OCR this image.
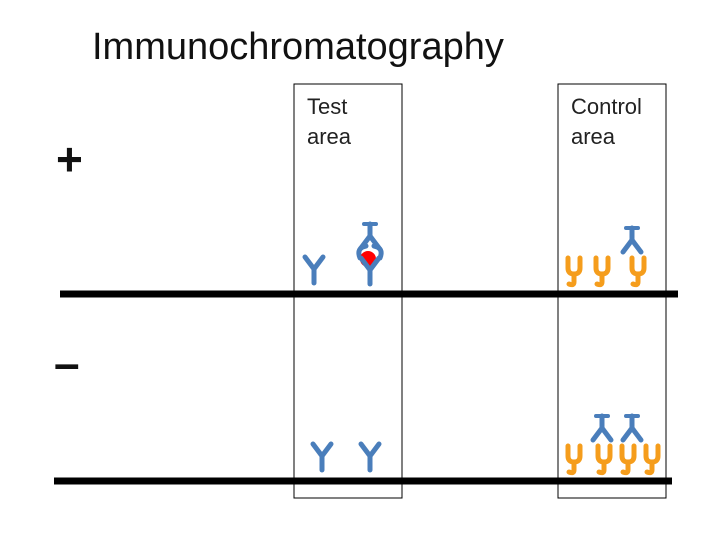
Immunochromatography
+
–
Test
area
Control
area
